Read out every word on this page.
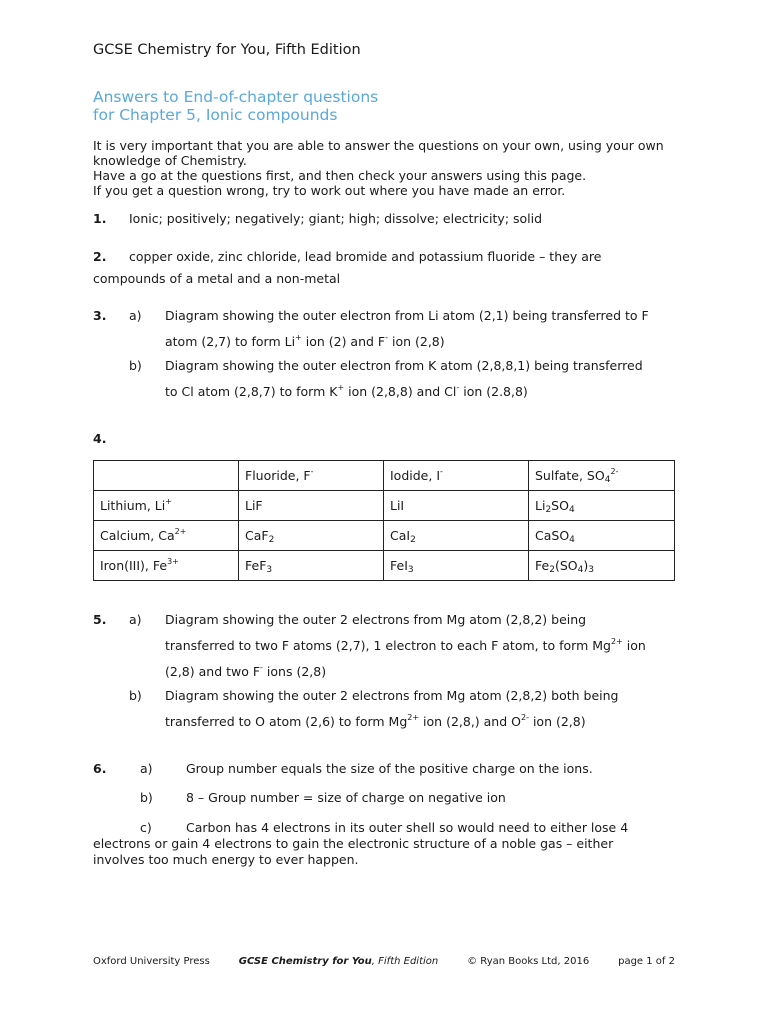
GCSE Chemistry for You, Fifth Edition
Answers to End-of-chapter questions
for Chapter 5, Ionic compounds
It is very important that you are able to answer the questions on your own, using your own knowledge of Chemistry.
Have a go at the questions first, and then check your answers using this page.
If you get a question wrong, try to work out where you have made an error.
1. Ionic; positively; negatively; giant; high; dissolve; electricity; solid
2. copper oxide, zinc chloride, lead bromide and potassium fluoride – they are
compounds of a metal and a non-metal
3. a) Diagram showing the outer electron from Li atom (2,1) being transferred to F
atom (2,7) to form Li+ ion (2) and F- ion (2,8)
b) Diagram showing the outer electron from K atom (2,8,8,1) being transferred
to Cl atom (2,8,7) to form K+ ion (2,8,8) and Cl- ion (2.8,8)
4.
	Fluoride, F-	Iodide, I-	Sulfate, $SO_4^{2-}$
Lithium, Li+	LiF	LiI	$Li_2SO_4$
Calcium, $Ca^{2+}$	CaF$_2$	CaI$_2$	CaSO$_4$
Iron(III), $Fe^{3+}$	FeF$_3$	FeI$_3$	$Fe_2(SO_4)_3$
5. a) Diagram showing the outer 2 electrons from Mg atom (2,8,2) being
transferred to two F atoms (2,7), 1 electron to each F atom, to form $Mg^{2+}$ ion
(2,8) and two F- ions (2,8)
b) Diagram showing the outer 2 electrons from Mg atom (2,8,2) both being
transferred to O atom (2,6) to form $Mg^{2+}$ ion (2,8,) and $O^{2-}$ ion (2,8)
6.	a)	Group number equals the size of the positive charge on the ions.
b)	8 – Group number = size of charge on negative ion
c)	Carbon has 4 electrons in its outer shell so would need to either lose 4
electrons or gain 4 electrons to gain the electronic structure of a noble gas – either
involves too much energy to ever happen.
Oxford University Press	GCSE Chemistry for You, Fifth Edition	© Ryan Books Ltd, 2016	page 1 of 2
